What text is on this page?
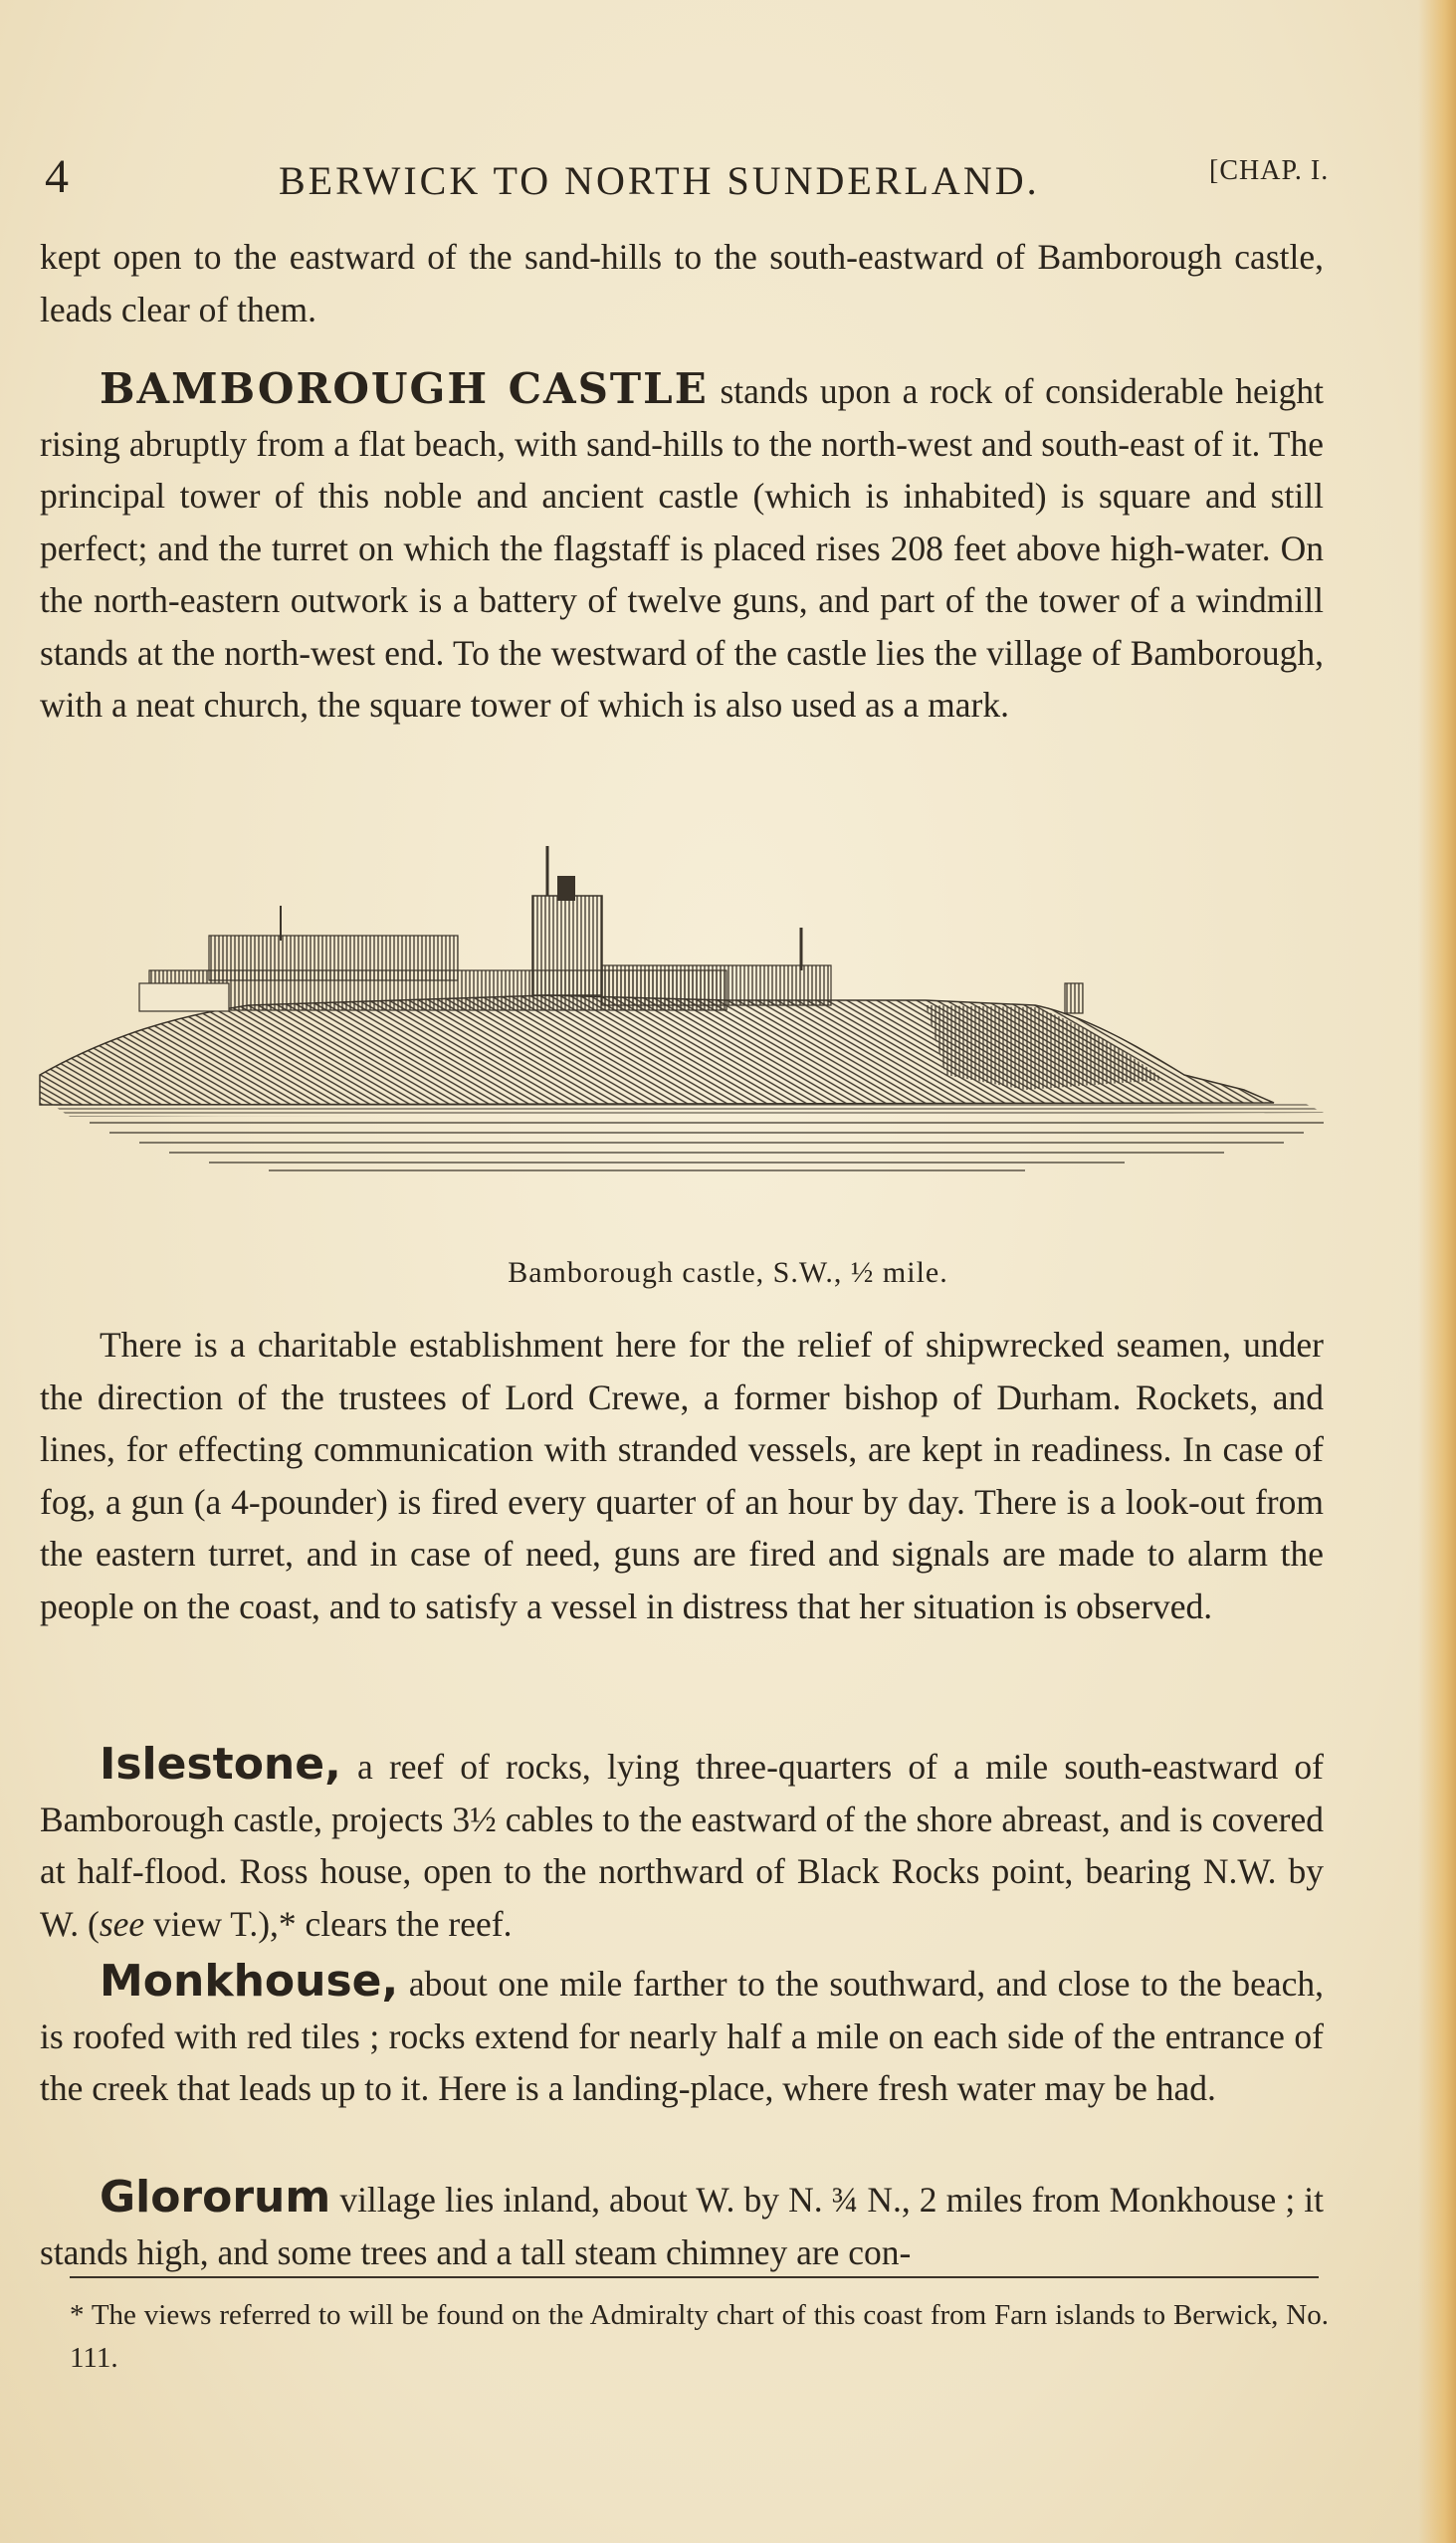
4	BERWICK TO NORTH SUNDERLAND.	[CHAP. I.

kept open to the eastward of the sand-hills to the south-eastward of Bamborough castle, leads clear of them.

BAMBOROUGH CASTLE stands upon a rock of considerable height rising abruptly from a flat beach, with sand-hills to the north-west and south-east of it. The principal tower of this noble and ancient castle (which is inhabited) is square and still perfect; and the turret on which the flagstaff is placed rises 208 feet above high-water. On the north-eastern outwork is a battery of twelve guns, and part of the tower of a windmill stands at the north-west end. To the westward of the castle lies the village of Bamborough, with a neat church, the square tower of which is also used as a mark.

Bamborough castle, S.W., ½ mile.

There is a charitable establishment here for the relief of shipwrecked seamen, under the direction of the trustees of Lord Crewe, a former bishop of Durham. Rockets, and lines, for effecting communication with stranded vessels, are kept in readiness. In case of fog, a gun (a 4-pounder) is fired every quarter of an hour by day. There is a look-out from the eastern turret, and in case of need, guns are fired and signals are made to alarm the people on the coast, and to satisfy a vessel in distress that her situation is observed.

Islestone, a reef of rocks, lying three-quarters of a mile south-eastward of Bamborough castle, projects 3½ cables to the eastward of the shore abreast, and is covered at half-flood. Ross house, open to the northward of Black Rocks point, bearing N.W. by W. (see view T.),* clears the reef.

Monkhouse, about one mile farther to the southward, and close to the beach, is roofed with red tiles ; rocks extend for nearly half a mile on each side of the entrance of the creek that leads up to it. Here is a landing-place, where fresh water may be had.

Glororum village lies inland, about W. by N. ¾ N., 2 miles from Monkhouse ; it stands high, and some trees and a tall steam chimney are con-

* The views referred to will be found on the Admiralty chart of this coast from Farn islands to Berwick, No. 111.
